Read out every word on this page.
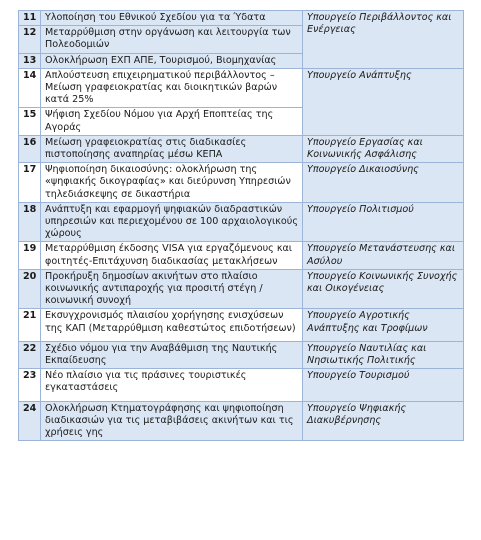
11	Υλοποίηση του Εθνικού Σχεδίου για τα Ύδατα	Υπουργείο Περιβάλλοντος και Ενέργειας
12	Μεταρρύθμιση στην οργάνωση και λειτουργία των Πολεοδομιών	
13	Ολοκλήρωση ΕΧΠ ΑΠΕ, Τουρισμού, Βιομηχανίας	
14	Απλούστευση επιχειρηματικού περιβάλλοντος – Μείωση γραφειοκρατίας και διοικητικών βαρών κατά 25%	Υπουργείο Ανάπτυξης
15	Ψήφιση Σχεδίου Νόμου για Αρχή Εποπτείας της Αγοράς	
16	Μείωση γραφειοκρατίας στις διαδικασίες πιστοποίησης αναπηρίας μέσω ΚΕΠΑ	Υπουργείο Εργασίας και Κοινωνικής Ασφάλισης
17	Ψηφιοποίηση δικαιοσύνης: ολοκλήρωση της «ψηφιακής δικογραφίας» και διεύρυνση Υπηρεσιών τηλεδιάσκεψης σε δικαστήρια	Υπουργείο Δικαιοσύνης
18	Ανάπτυξη και εφαρμογή ψηφιακών διαδραστικών υπηρεσιών και περιεχομένου σε 100 αρχαιολογικούς χώρους	Υπουργείο Πολιτισμού
19	Μεταρρύθμιση έκδοσης VISA για εργαζόμενους και φοιτητές-Επιτάχυνση διαδικασίας μετακλήσεων	Υπουργείο Μετανάστευσης και Ασύλου
20	Προκήρυξη δημοσίων ακινήτων στο πλαίσιο κοινωνικής αντιπαροχής για προσιτή στέγη / κοινωνική συνοχή	Υπουργείο Κοινωνικής Συνοχής και Οικογένειας
21	Εκσυγχρονισμός πλαισίου χορήγησης ενισχύσεων της ΚΑΠ (Μεταρρύθμιση καθεστώτος επιδοτήσεων)	Υπουργείο Αγροτικής Ανάπτυξης και Τροφίμων
22	Σχέδιο νόμου για την Αναβάθμιση της Ναυτικής Εκπαίδευσης	Υπουργείο Ναυτιλίας και Νησιωτικής Πολιτικής
23	Νέο πλαίσιο για τις πράσινες τουριστικές εγκαταστάσεις	Υπουργείο Τουρισμού
24	Ολοκλήρωση Κτηματογράφησης και ψηφιοποίηση διαδικασιών για τις μεταβιβάσεις ακινήτων και τις χρήσεις γης	Υπουργείο Ψηφιακής Διακυβέρνησης
